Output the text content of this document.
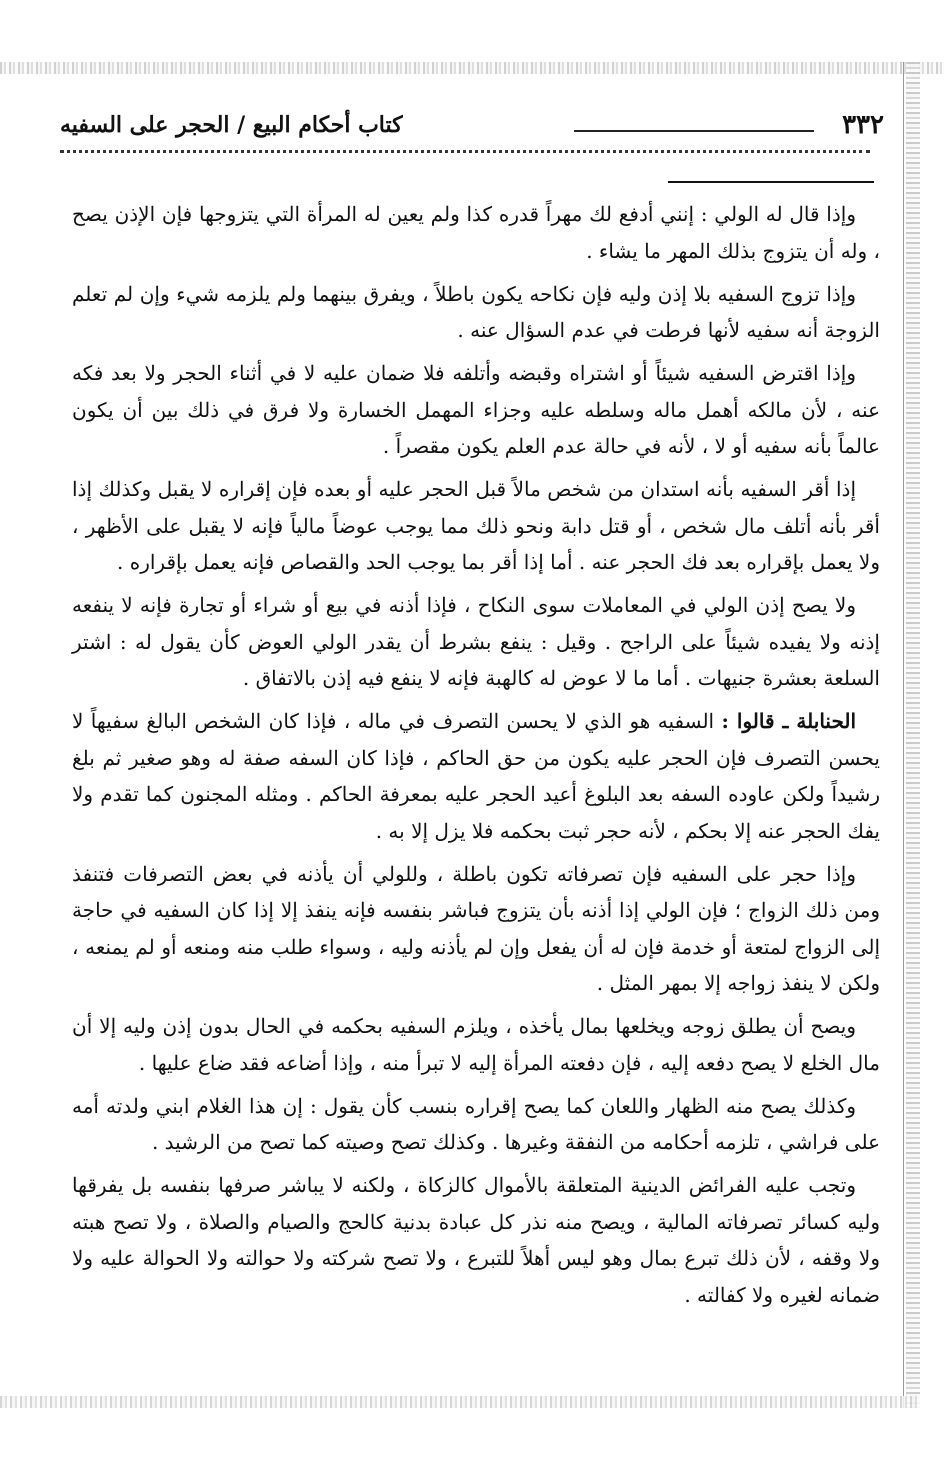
٣٣٢
كتاب أحكام البيع / الحجر على السفيه

وإذا قال له الولي : إنني أدفع لك مهراً قدره كذا ولم يعين له المرأة التي يتزوجها فإن الإذن يصح ، وله أن يتزوج بذلك المهر ما يشاء .

وإذا تزوج السفيه بلا إذن وليه فإن نكاحه يكون باطلاً ، ويفرق بينهما ولم يلزمه شيء وإن لم تعلم الزوجة أنه سفيه لأنها فرطت في عدم السؤال عنه .

وإذا اقترض السفيه شيئاً أو اشتراه وقبضه وأتلفه فلا ضمان عليه لا في أثناء الحجر ولا بعد فكه عنه ، لأن مالكه أهمل ماله وسلطه عليه وجزاء المهمل الخسارة ولا فرق في ذلك بين أن يكون عالماً بأنه سفيه أو لا ، لأنه في حالة عدم العلم يكون مقصراً .

إذا أقر السفيه بأنه استدان من شخص مالاً قبل الحجر عليه أو بعده فإن إقراره لا يقبل وكذلك إذا أقر بأنه أتلف مال شخص ، أو قتل دابة ونحو ذلك مما يوجب عوضاً مالياً فإنه لا يقبل على الأظهر ، ولا يعمل بإقراره بعد فك الحجر عنه . أما إذا أقر بما يوجب الحد والقصاص فإنه يعمل بإقراره .

ولا يصح إذن الولي في المعاملات سوى النكاح ، فإذا أذنه في بيع أو شراء أو تجارة فإنه لا ينفعه إذنه ولا يفيده شيئاً على الراجح . وقيل : ينفع بشرط أن يقدر الولي العوض كأن يقول له : اشتر السلعة بعشرة جنيهات . أما ما لا عوض له كالهبة فإنه لا ينفع فيه إذن بالاتفاق .

الحنابلة ـ قالوا : السفيه هو الذي لا يحسن التصرف في ماله ، فإذا كان الشخص البالغ سفيهاً لا يحسن التصرف فإن الحجر عليه يكون من حق الحاكم ، فإذا كان السفه صفة له وهو صغير ثم بلغ رشيداً ولكن عاوده السفه بعد البلوغ أعيد الحجر عليه بمعرفة الحاكم . ومثله المجنون كما تقدم ولا يفك الحجر عنه إلا بحكم ، لأنه حجر ثبت بحكمه فلا يزل إلا به .

وإذا حجر على السفيه فإن تصرفاته تكون باطلة ، وللولي أن يأذنه في بعض التصرفات فتنفذ ومن ذلك الزواج ؛ فإن الولي إذا أذنه بأن يتزوج فباشر بنفسه فإنه ينفذ إلا إذا كان السفيه في حاجة إلى الزواج لمتعة أو خدمة فإن له أن يفعل وإن لم يأذنه وليه ، وسواء طلب منه ومنعه أو لم يمنعه ، ولكن لا ينفذ زواجه إلا بمهر المثل .

ويصح أن يطلق زوجه ويخلعها بمال يأخذه ، ويلزم السفيه بحكمه في الحال بدون إذن وليه إلا أن مال الخلع لا يصح دفعه إليه ، فإن دفعته المرأة إليه لا تبرأ منه ، وإذا أضاعه فقد ضاع عليها .

وكذلك يصح منه الظهار واللعان كما يصح إقراره بنسب كأن يقول : إن هذا الغلام ابني ولدته أمه على فراشي ، تلزمه أحكامه من النفقة وغيرها . وكذلك تصح وصيته كما تصح من الرشيد .

وتجب عليه الفرائض الدينية المتعلقة بالأموال كالزكاة ، ولكنه لا يباشر صرفها بنفسه بل يفرقها وليه كسائر تصرفاته المالية ، ويصح منه نذر كل عبادة بدنية كالحج والصيام والصلاة ، ولا تصح هبته ولا وقفه ، لأن ذلك تبرع بمال وهو ليس أهلاً للتبرع ، ولا تصح شركته ولا حوالته ولا الحوالة عليه ولا ضمانه لغيره ولا كفالته .
